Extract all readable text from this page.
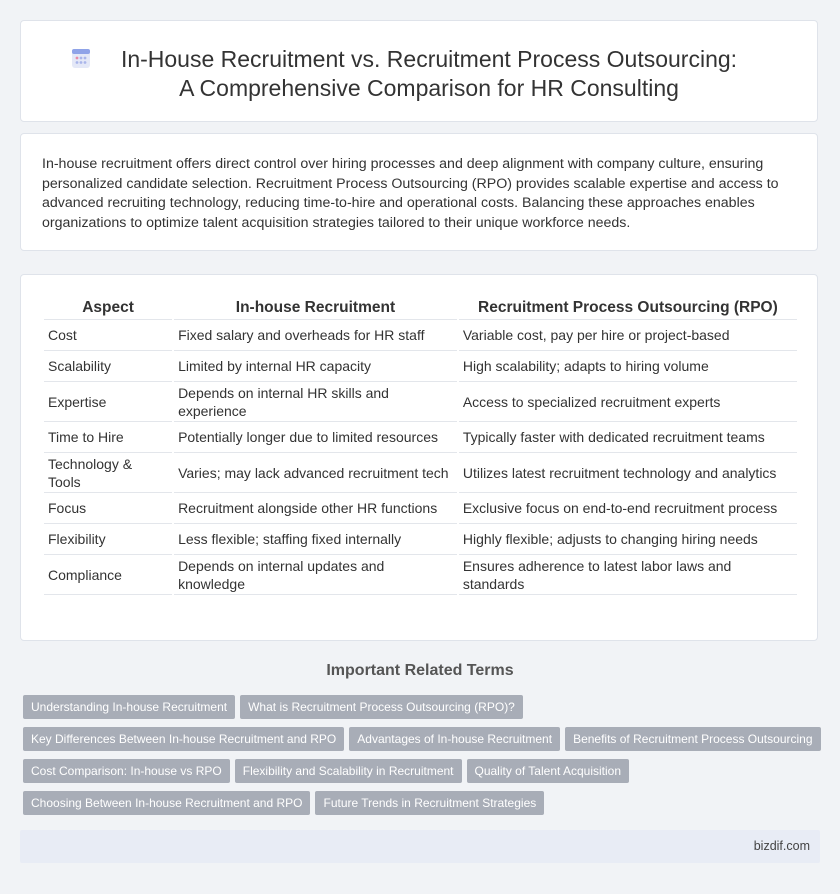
In-House Recruitment vs. Recruitment Process Outsourcing: A Comprehensive Comparison for HR Consulting

In-house recruitment offers direct control over hiring processes and deep alignment with company culture, ensuring personalized candidate selection. Recruitment Process Outsourcing (RPO) provides scalable expertise and access to advanced recruiting technology, reducing time-to-hire and operational costs. Balancing these approaches enables organizations to optimize talent acquisition strategies tailored to their unique workforce needs.

Aspect	In-house Recruitment	Recruitment Process Outsourcing (RPO)
Cost	Fixed salary and overheads for HR staff	Variable cost, pay per hire or project-based
Scalability	Limited by internal HR capacity	High scalability; adapts to hiring volume
Expertise	Depends on internal HR skills and experience	Access to specialized recruitment experts
Time to Hire	Potentially longer due to limited resources	Typically faster with dedicated recruitment teams
Technology & Tools	Varies; may lack advanced recruitment tech	Utilizes latest recruitment technology and analytics
Focus	Recruitment alongside other HR functions	Exclusive focus on end-to-end recruitment process
Flexibility	Less flexible; staffing fixed internally	Highly flexible; adjusts to changing hiring needs
Compliance	Depends on internal updates and knowledge	Ensures adherence to latest labor laws and standards
Important Related Terms
Understanding In-house Recruitment What is Recruitment Process Outsourcing (RPO)?
Key Differences Between In-house Recruitment and RPO Advantages of In-house Recruitment Benefits of Recruitment Process Outsourcing
Cost Comparison: In-house vs RPO Flexibility and Scalability in Recruitment Quality of Talent Acquisition
Choosing Between In-house Recruitment and RPO Future Trends in Recruitment Strategies
bizdif.com
